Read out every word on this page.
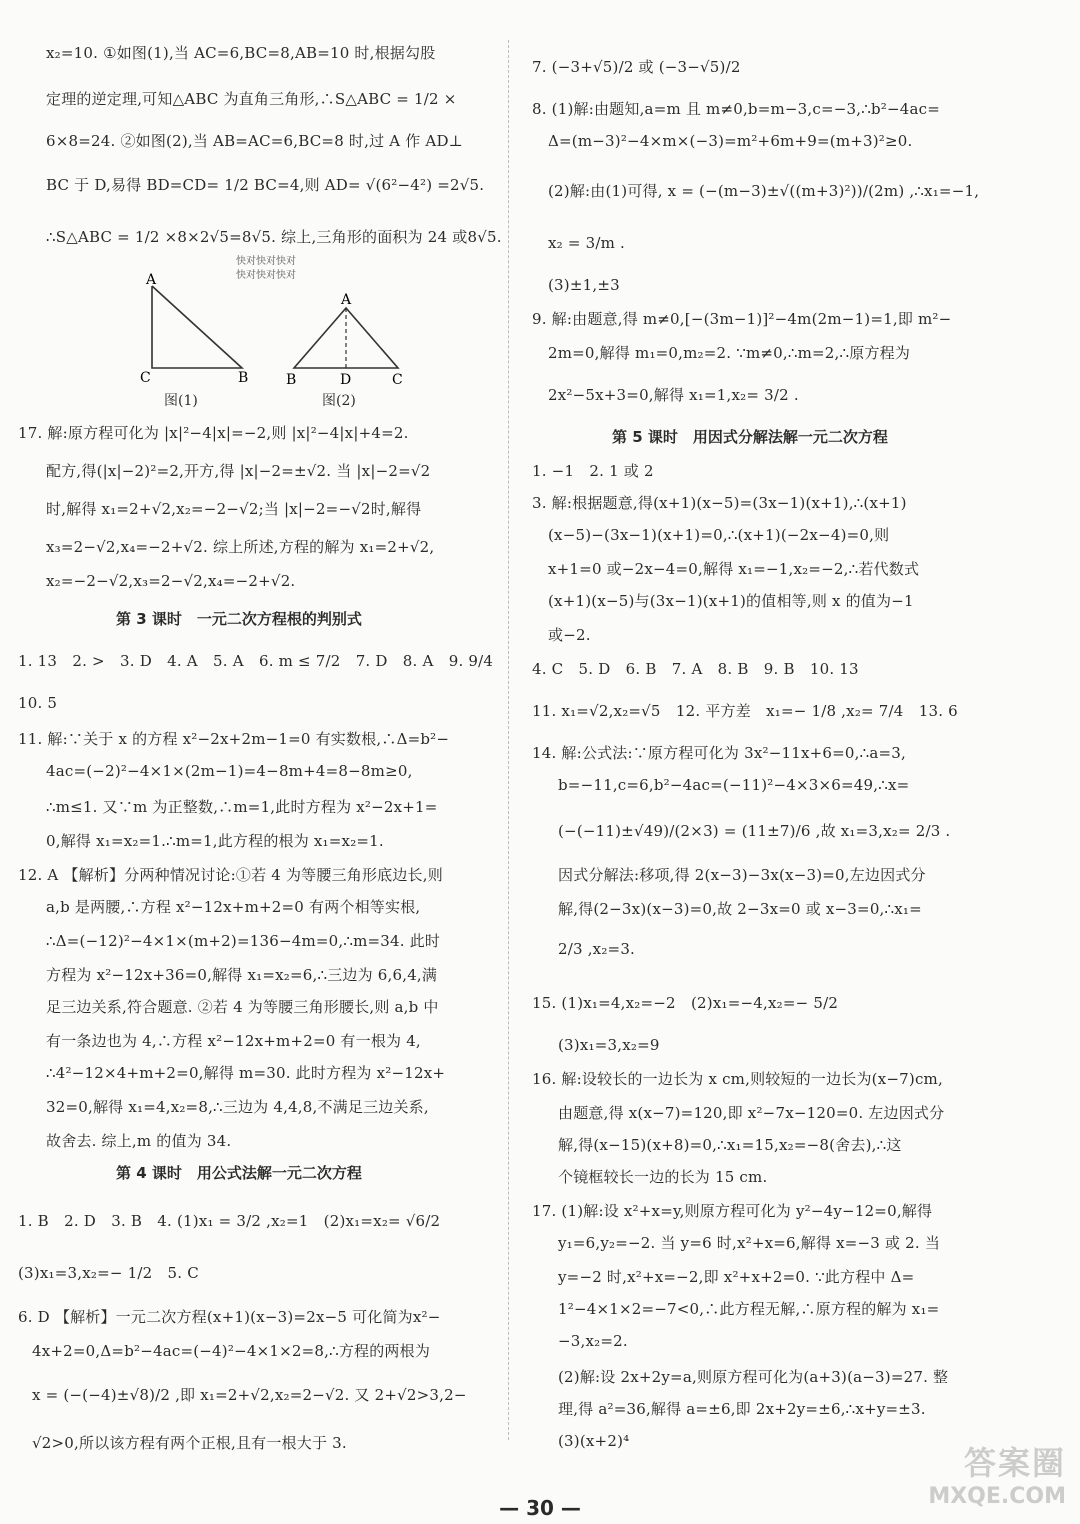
x₂=10. ①如图(1),当 AC=6,BC=8,AB=10 时,根据勾股
定理的逆定理,可知△ABC 为直角三角形,∴S△ABC = 1/2 ×
6×8=24. ②如图(2),当 AB=AC=6,BC=8 时,过 A 作 AD⊥
BC 于 D,易得 BD=CD= 1/2 BC=4,则 AD= √(6²−4²) =2√5.
∴S△ABC = 1/2 ×8×2√5=8√5. 综上,三角形的面积为 24 或8√5.
快对快对快对
快对快对快对
A
C	B
图(1)
A
B	D	C
图(2)
17. 解:原方程可化为 |x|²−4|x|=−2,则 |x|²−4|x|+4=2.
配方,得(|x|−2)²=2,开方,得 |x|−2=±√2. 当 |x|−2=√2
时,解得 x₁=2+√2,x₂=−2−√2;当 |x|−2=−√2时,解得
x₃=2−√2,x₄=−2+√2. 综上所述,方程的解为 x₁=2+√2,
x₂=−2−√2,x₃=2−√2,x₄=−2+√2.
第 3 课时　一元二次方程根的判别式
1. 13　2. >　3. D　4. A　5. A　6. m ≤ 7/2　7. D　8. A　9. 9/4
10. 5
11. 解:∵关于 x 的方程 x²−2x+2m−1=0 有实数根,∴Δ=b²−
4ac=(−2)²−4×1×(2m−1)=4−8m+4=8−8m≥0,
∴m≤1. 又∵m 为正整数,∴m=1,此时方程为 x²−2x+1=
0,解得 x₁=x₂=1.∴m=1,此方程的根为 x₁=x₂=1.
12. A 【解析】分两种情况讨论:①若 4 为等腰三角形底边长,则
a,b 是两腰,∴方程 x²−12x+m+2=0 有两个相等实根,
∴Δ=(−12)²−4×1×(m+2)=136−4m=0,∴m=34. 此时
方程为 x²−12x+36=0,解得 x₁=x₂=6,∴三边为 6,6,4,满
足三边关系,符合题意. ②若 4 为等腰三角形腰长,则 a,b 中
有一条边也为 4,∴方程 x²−12x+m+2=0 有一根为 4,
∴4²−12×4+m+2=0,解得 m=30. 此时方程为 x²−12x+
32=0,解得 x₁=4,x₂=8,∴三边为 4,4,8,不满足三边关系,
故舍去. 综上,m 的值为 34.
第 4 课时　用公式法解一元二次方程
1. B　2. D　3. B　4. (1)x₁ = 3/2 ,x₂=1　(2)x₁=x₂= √6/2
(3)x₁=3,x₂=− 1/2　5. C
6. D 【解析】一元二次方程(x+1)(x−3)=2x−5 可化简为x²−
4x+2=0,Δ=b²−4ac=(−4)²−4×1×2=8,∴方程的两根为
x = (−(−4)±√8)/2 ,即 x₁=2+√2,x₂=2−√2. 又 2+√2>3,2−
√2>0,所以该方程有两个正根,且有一根大于 3.
7. (−3+√5)/2 或 (−3−√5)/2
8. (1)解:由题知,a=m 且 m≠0,b=m−3,c=−3,∴b²−4ac=
Δ=(m−3)²−4×m×(−3)=m²+6m+9=(m+3)²≥0.
(2)解:由(1)可得, x = (−(m−3)±√((m+3)²))/(2m) ,∴x₁=−1,
x₂ = 3/m .
(3)±1,±3
9. 解:由题意,得 m≠0,[−(3m−1)]²−4m(2m−1)=1,即 m²−
2m=0,解得 m₁=0,m₂=2. ∵m≠0,∴m=2,∴原方程为
2x²−5x+3=0,解得 x₁=1,x₂= 3/2 .
第 5 课时　用因式分解法解一元二次方程
1. −1　2. 1 或 2
3. 解:根据题意,得(x+1)(x−5)=(3x−1)(x+1),∴(x+1)
(x−5)−(3x−1)(x+1)=0,∴(x+1)(−2x−4)=0,则
x+1=0 或−2x−4=0,解得 x₁=−1,x₂=−2,∴若代数式
(x+1)(x−5)与(3x−1)(x+1)的值相等,则 x 的值为−1
或−2.
4. C　5. D　6. B　7. A　8. B　9. B　10. 13
11. x₁=√2,x₂=√5　12. 平方差　x₁=− 1/8 ,x₂= 7/4　13. 6
14. 解:公式法:∵原方程可化为 3x²−11x+6=0,∴a=3,
b=−11,c=6,b²−4ac=(−11)²−4×3×6=49,∴x=
(−(−11)±√49)/(2×3) = (11±7)/6 ,故 x₁=3,x₂= 2/3 .
因式分解法:移项,得 2(x−3)−3x(x−3)=0,左边因式分
解,得(2−3x)(x−3)=0,故 2−3x=0 或 x−3=0,∴x₁=
2/3 ,x₂=3.
15. (1)x₁=4,x₂=−2　(2)x₁=−4,x₂=− 5/2
(3)x₁=3,x₂=9
16. 解:设较长的一边长为 x cm,则较短的一边长为(x−7)cm,
由题意,得 x(x−7)=120,即 x²−7x−120=0. 左边因式分
解,得(x−15)(x+8)=0,∴x₁=15,x₂=−8(舍去),∴这
个镜框较长一边的长为 15 cm.
17. (1)解:设 x²+x=y,则原方程可化为 y²−4y−12=0,解得
y₁=6,y₂=−2. 当 y=6 时,x²+x=6,解得 x=−3 或 2. 当
y=−2 时,x²+x=−2,即 x²+x+2=0. ∵此方程中 Δ=
1²−4×1×2=−7<0,∴此方程无解,∴原方程的解为 x₁=
−3,x₂=2.
(2)解:设 2x+2y=a,则原方程可化为(a+3)(a−3)=27. 整
理,得 a²=36,解得 a=±6,即 2x+2y=±6,∴x+y=±3.
(3)(x+2)⁴
— 30 —
答案圈
MXQE.COM
